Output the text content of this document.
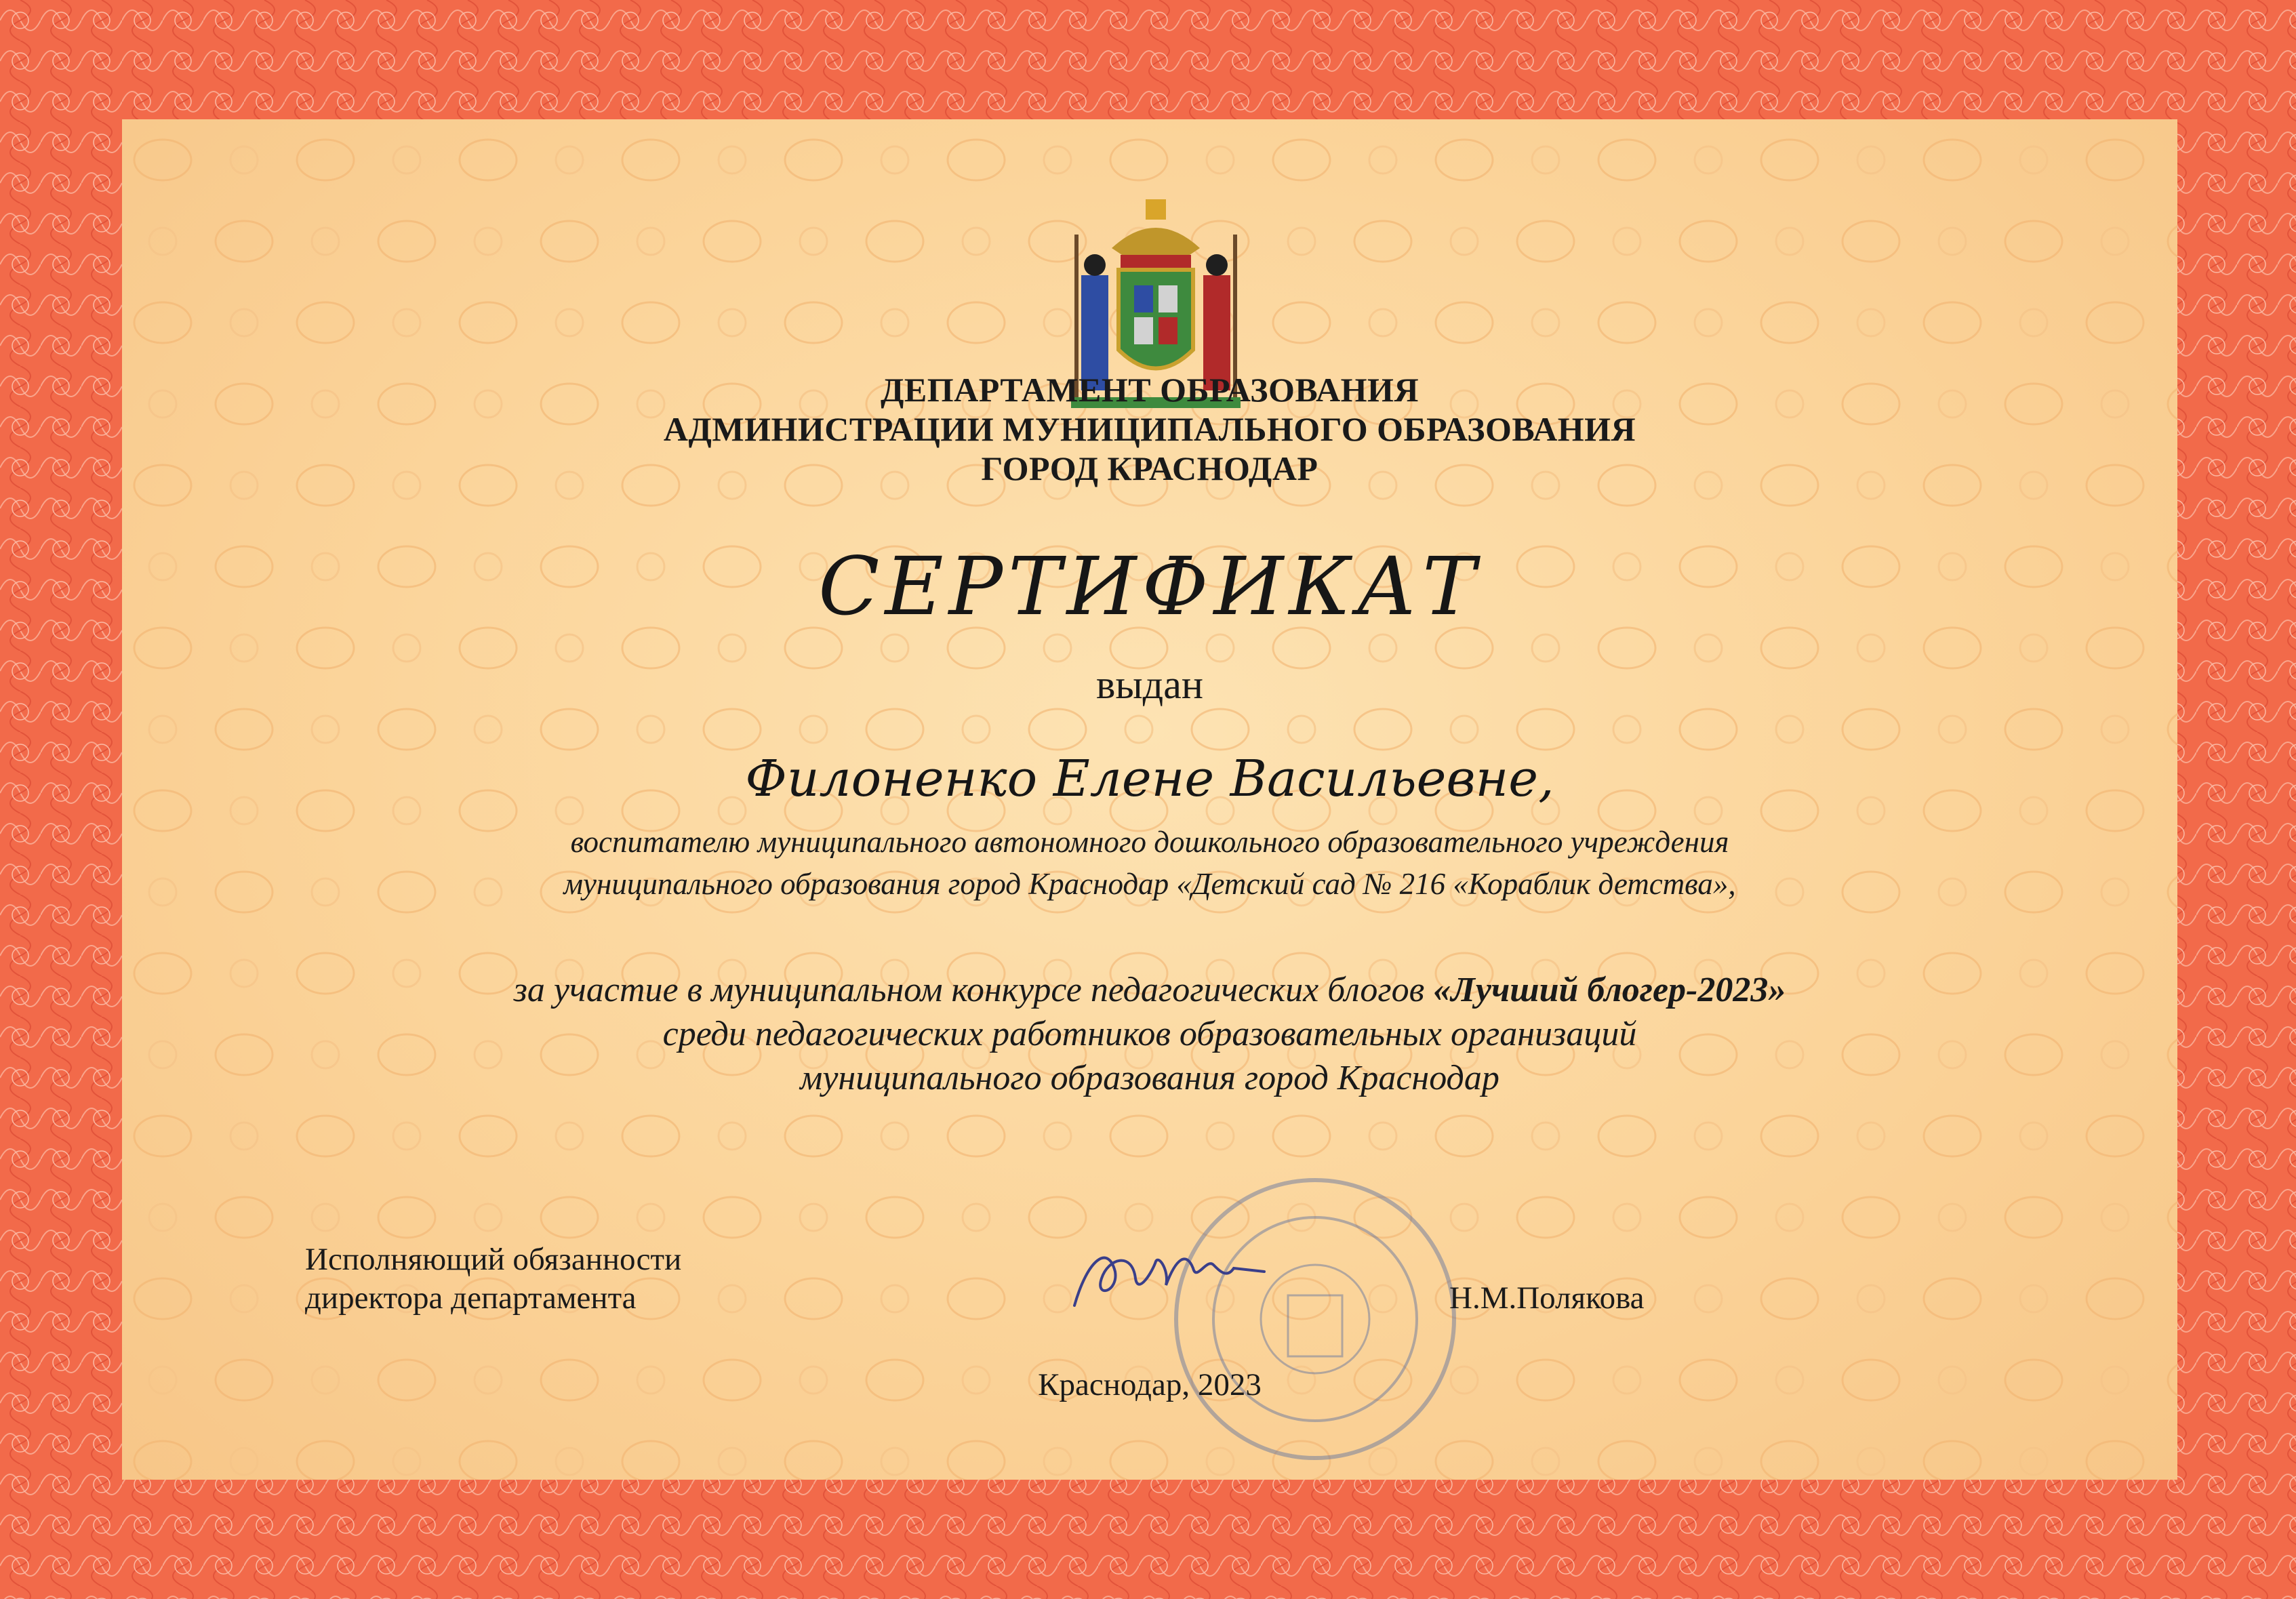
ДЕПАРТАМЕНТ ОБРАЗОВАНИЯ
АДМИНИСТРАЦИИ МУНИЦИПАЛЬНОГО ОБРАЗОВАНИЯ
ГОРОД КРАСНОДАР
СЕРТИФИКАТ
выдан
Филоненко Елене Васильевне,
воспитателю муниципального автономного дошкольного образовательного учреждения
муниципального образования город Краснодар «Детский сад № 216 «Кораблик детства»,
за участие в муниципальном конкурсе педагогических блогов «Лучший блогер-2023»
среди педагогических работников образовательных организаций
муниципального образования город Краснодар
Исполняющий обязанности
директора департамента	Н.М.Полякова
Краснодар, 2023
